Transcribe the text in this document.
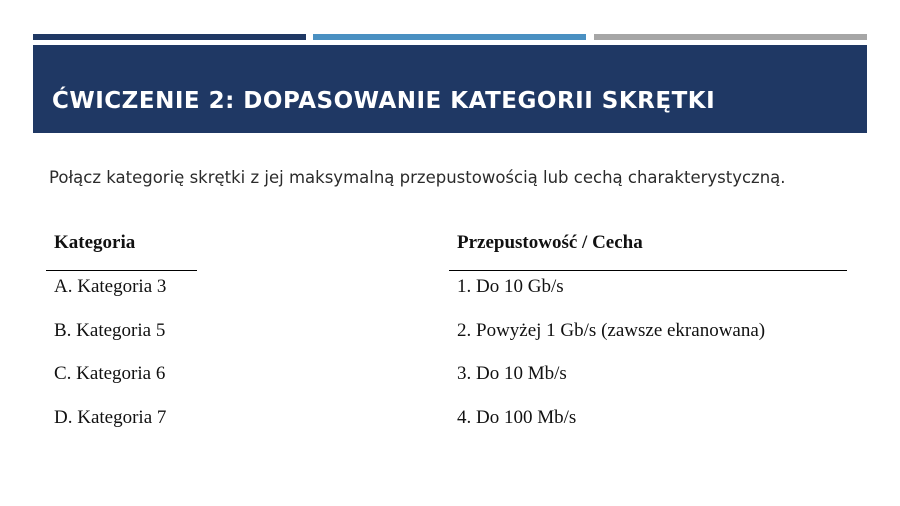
ĆWICZENIE 2: DOPASOWANIE KATEGORII SKRĘTKI
Połącz kategorię skrętki z jej maksymalną przepustowością lub cechą charakterystyczną.
Kategoria
A. Kategoria 3
B. Kategoria 5
C. Kategoria 6
D. Kategoria 7
Przepustowość / Cecha
1. Do 10 Gb/s
2. Powyżej 1 Gb/s (zawsze ekranowana)
3. Do 10 Mb/s
4. Do 100 Mb/s
